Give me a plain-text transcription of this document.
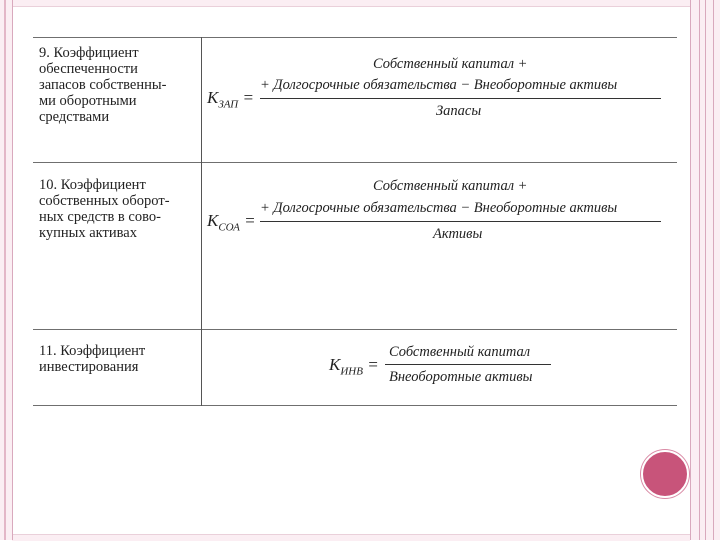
9. Коэффициент
обеспеченности
запасов собственны-
ми оборотными
средствами
$K_{ЗАП}$ =
Собственный капитал +
+ Долгосрочные обязательства − Внеоборотные активы
Запасы
10. Коэффициент
собственных оборот-
ных средств в сово-
купных активах
$K_{СОА}$ =
Собственный капитал +
+ Долгосрочные обязательства − Внеоборотные активы
Активы
11. Коэффициент
инвестирования	$K_{ИНВ}$ =
Собственный капитал
Внеоборотные активы
